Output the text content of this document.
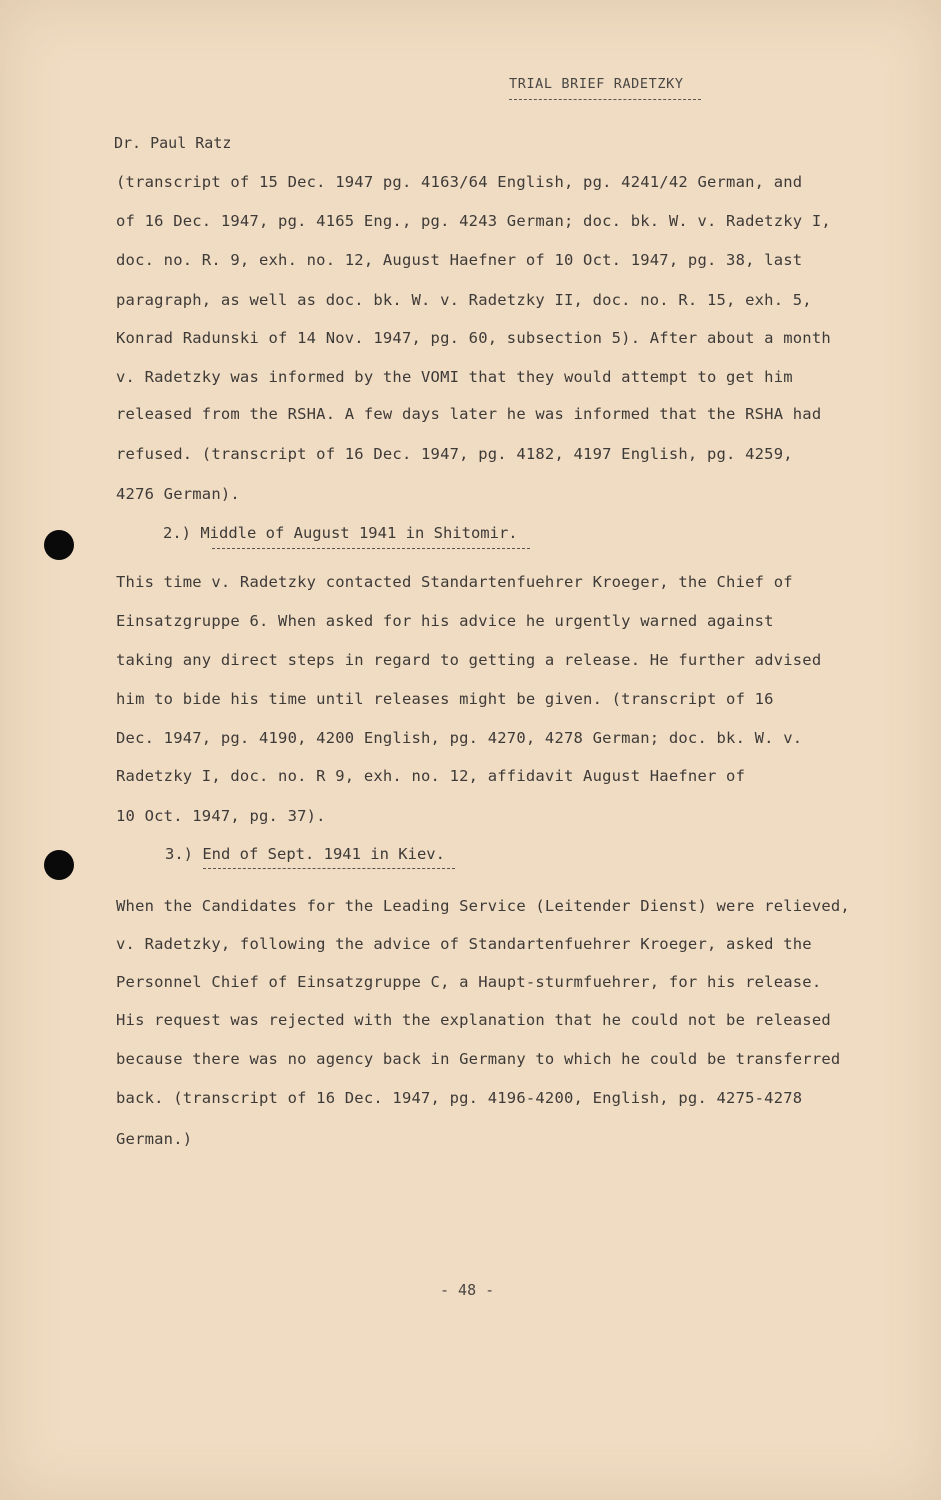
TRIAL BRIEF RADETZKY
Dr. Paul Ratz
(transcript of 15 Dec. 1947 pg. 4163/64 English, pg. 4241/42 German, and
of 16 Dec. 1947, pg. 4165 Eng., pg. 4243 German; doc. bk. W. v. Radetzky I,
doc. no. R. 9, exh. no. 12, August Haefner of 10 Oct. 1947, pg. 38, last
paragraph, as well as doc. bk. W. v. Radetzky II, doc. no. R. 15, exh. 5,
Konrad Radunski of 14 Nov. 1947, pg. 60, subsection 5). After about a month
v. Radetzky was informed by the VOMI that they would attempt to get him
released from the RSHA. A few days later he was informed that the RSHA had
refused. (transcript of 16 Dec. 1947, pg. 4182, 4197 English, pg. 4259,
4276 German).
2.) Middle of August 1941 in Shitomir.
This time v. Radetzky contacted Standartenfuehrer Kroeger, the Chief of
Einsatzgruppe 6. When asked for his advice he urgently warned against
taking any direct steps in regard to getting a release. He further advised
him to bide his time until releases might be given. (transcript of 16
Dec. 1947, pg. 4190, 4200 English, pg. 4270, 4278 German; doc. bk. W. v.
Radetzky I, doc. no. R 9, exh. no. 12, affidavit August Haefner of
10 Oct. 1947, pg. 37).
3.) End of Sept. 1941 in Kiev.
When the Candidates for the Leading Service (Leitender Dienst) were relieved,
v. Radetzky, following the advice of Standartenfuehrer Kroeger, asked the
Personnel Chief of Einsatzgruppe C, a Haupt-sturmfuehrer, for his release.
His request was rejected with the explanation that he could not be released
because there was no agency back in Germany to which he could be transferred
back. (transcript of 16 Dec. 1947, pg. 4196-4200, English, pg. 4275-4278
German.)
- 48 -
